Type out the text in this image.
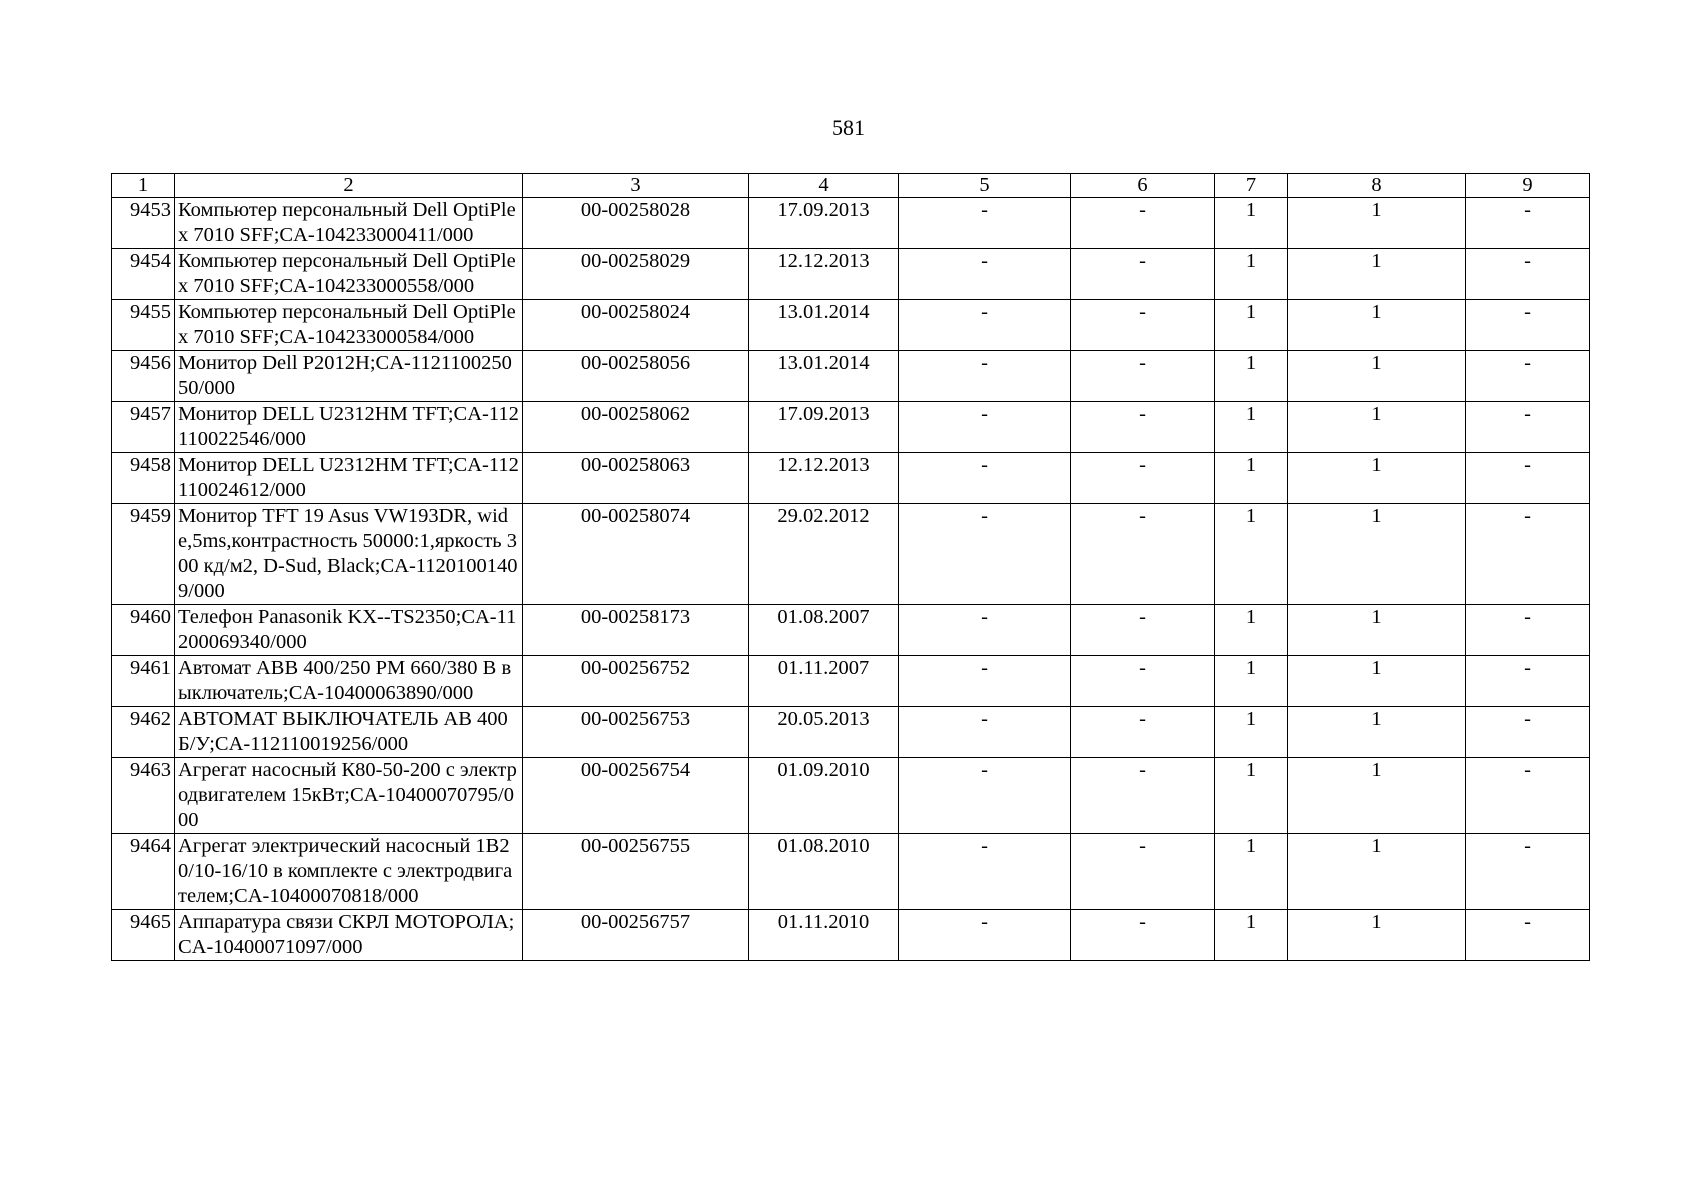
581
1	2	3	4	5	6	7	8	9
9453	Компьютер персональный Dell OptiPlex 7010 SFF;CA-104233000411/000	00-00258028	17.09.2013	-	-	1	1	-
9454	Компьютер персональный Dell OptiPlex 7010 SFF;CA-104233000558/000	00-00258029	12.12.2013	-	-	1	1	-
9455	Компьютер персональный Dell OptiPlex 7010 SFF;CA-104233000584/000	00-00258024	13.01.2014	-	-	1	1	-
9456	Монитор Dell P2012H;CA-112110025050/000	00-00258056	13.01.2014	-	-	1	1	-
9457	Монитор DELL U2312HM TFT;CA-112110022546/000	00-00258062	17.09.2013	-	-	1	1	-
9458	Монитор DELL U2312HM TFT;CA-112110024612/000	00-00258063	12.12.2013	-	-	1	1	-
9459	Монитор TFT 19 Asus VW193DR, wide,5ms,контрастность 50000:1,яркость 300 кд/м2, D-Sud, Black;CA-11201001409/000	00-00258074	29.02.2012	-	-	1	1	-
9460	Телефон Panasonik KX--TS2350;CA-11200069340/000	00-00258173	01.08.2007	-	-	1	1	-
9461	Автомат ABB 400/250 PM 660/380 В выключатель;CA-10400063890/000	00-00256752	01.11.2007	-	-	1	1	-
9462	АВТОМАТ ВЫКЛЮЧАТЕЛЬ АВ 400 Б/У;CA-112110019256/000	00-00256753	20.05.2013	-	-	1	1	-
9463	Агрегат насосный К80-50-200 с электродвигателем 15кВт;CA-10400070795/000	00-00256754	01.09.2010	-	-	1	1	-
9464	Агрегат электрический насосный 1В20/10-16/10 в комплекте с электродвигателем;CA-10400070818/000	00-00256755	01.08.2010	-	-	1	1	-
9465	Аппаратура связи СКРЛ МОТОРОЛА;CA-10400071097/000	00-00256757	01.11.2010	-	-	1	1	-
